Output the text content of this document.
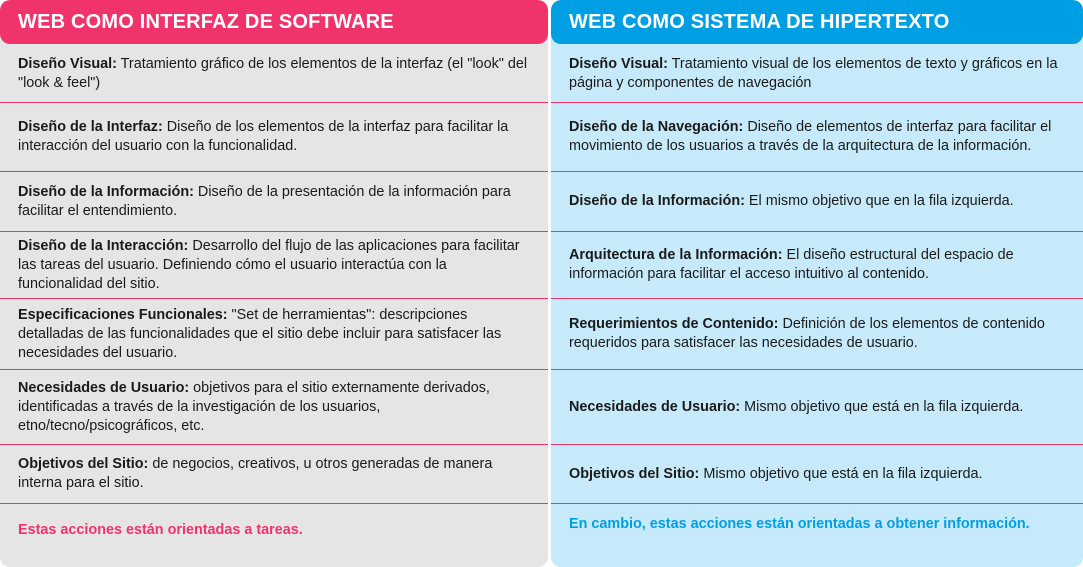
WEB COMO INTERFAZ DE SOFTWARE
Diseño Visual: Tratamiento gráfico de los elementos de la interfaz (el "look" del "look & feel")
Diseño de la Interfaz: Diseño de los elementos de la interfaz para facilitar la interacción del usuario con la funcionalidad.
Diseño de la Información: Diseño de la presentación de la información para facilitar el entendimiento.
Diseño de la Interacción: Desarrollo del flujo de las aplicaciones para facilitar las tareas del usuario. Definiendo cómo el usuario interactúa con la funcionalidad del sitio.
Especificaciones Funcionales: "Set de herramientas": descripciones detalladas de las funcionalidades que el sitio debe incluir para satisfacer las necesidades del usuario.
Necesidades de Usuario: objetivos para el sitio externamente derivados, identificadas a través de la investigación de los usuarios, etno/tecno/psicográficos, etc.
Objetivos del Sitio: de negocios, creativos, u otros generadas de manera interna para el sitio.
Estas acciones están orientadas a tareas.
WEB COMO SISTEMA DE HIPERTEXTO
Diseño Visual: Tratamiento visual de los elementos de texto y gráficos en la página y componentes de navegación
Diseño de la Navegación: Diseño de elementos de interfaz para facilitar el movimiento de los usuarios a través de la arquitectura de la información.
Diseño de la Información: El mismo objetivo que en la fila izquierda.
Arquitectura de la Información: El diseño estructural del espacio de información para facilitar el acceso intuitivo al contenido.
Requerimientos de Contenido: Definición de los elementos de contenido requeridos para satisfacer las necesidades de usuario.
Necesidades de Usuario: Mismo objetivo que está en la fila izquierda.
Objetivos del Sitio: Mismo objetivo que está en la fila izquierda.
En cambio, estas acciones están orientadas a obtener información.
